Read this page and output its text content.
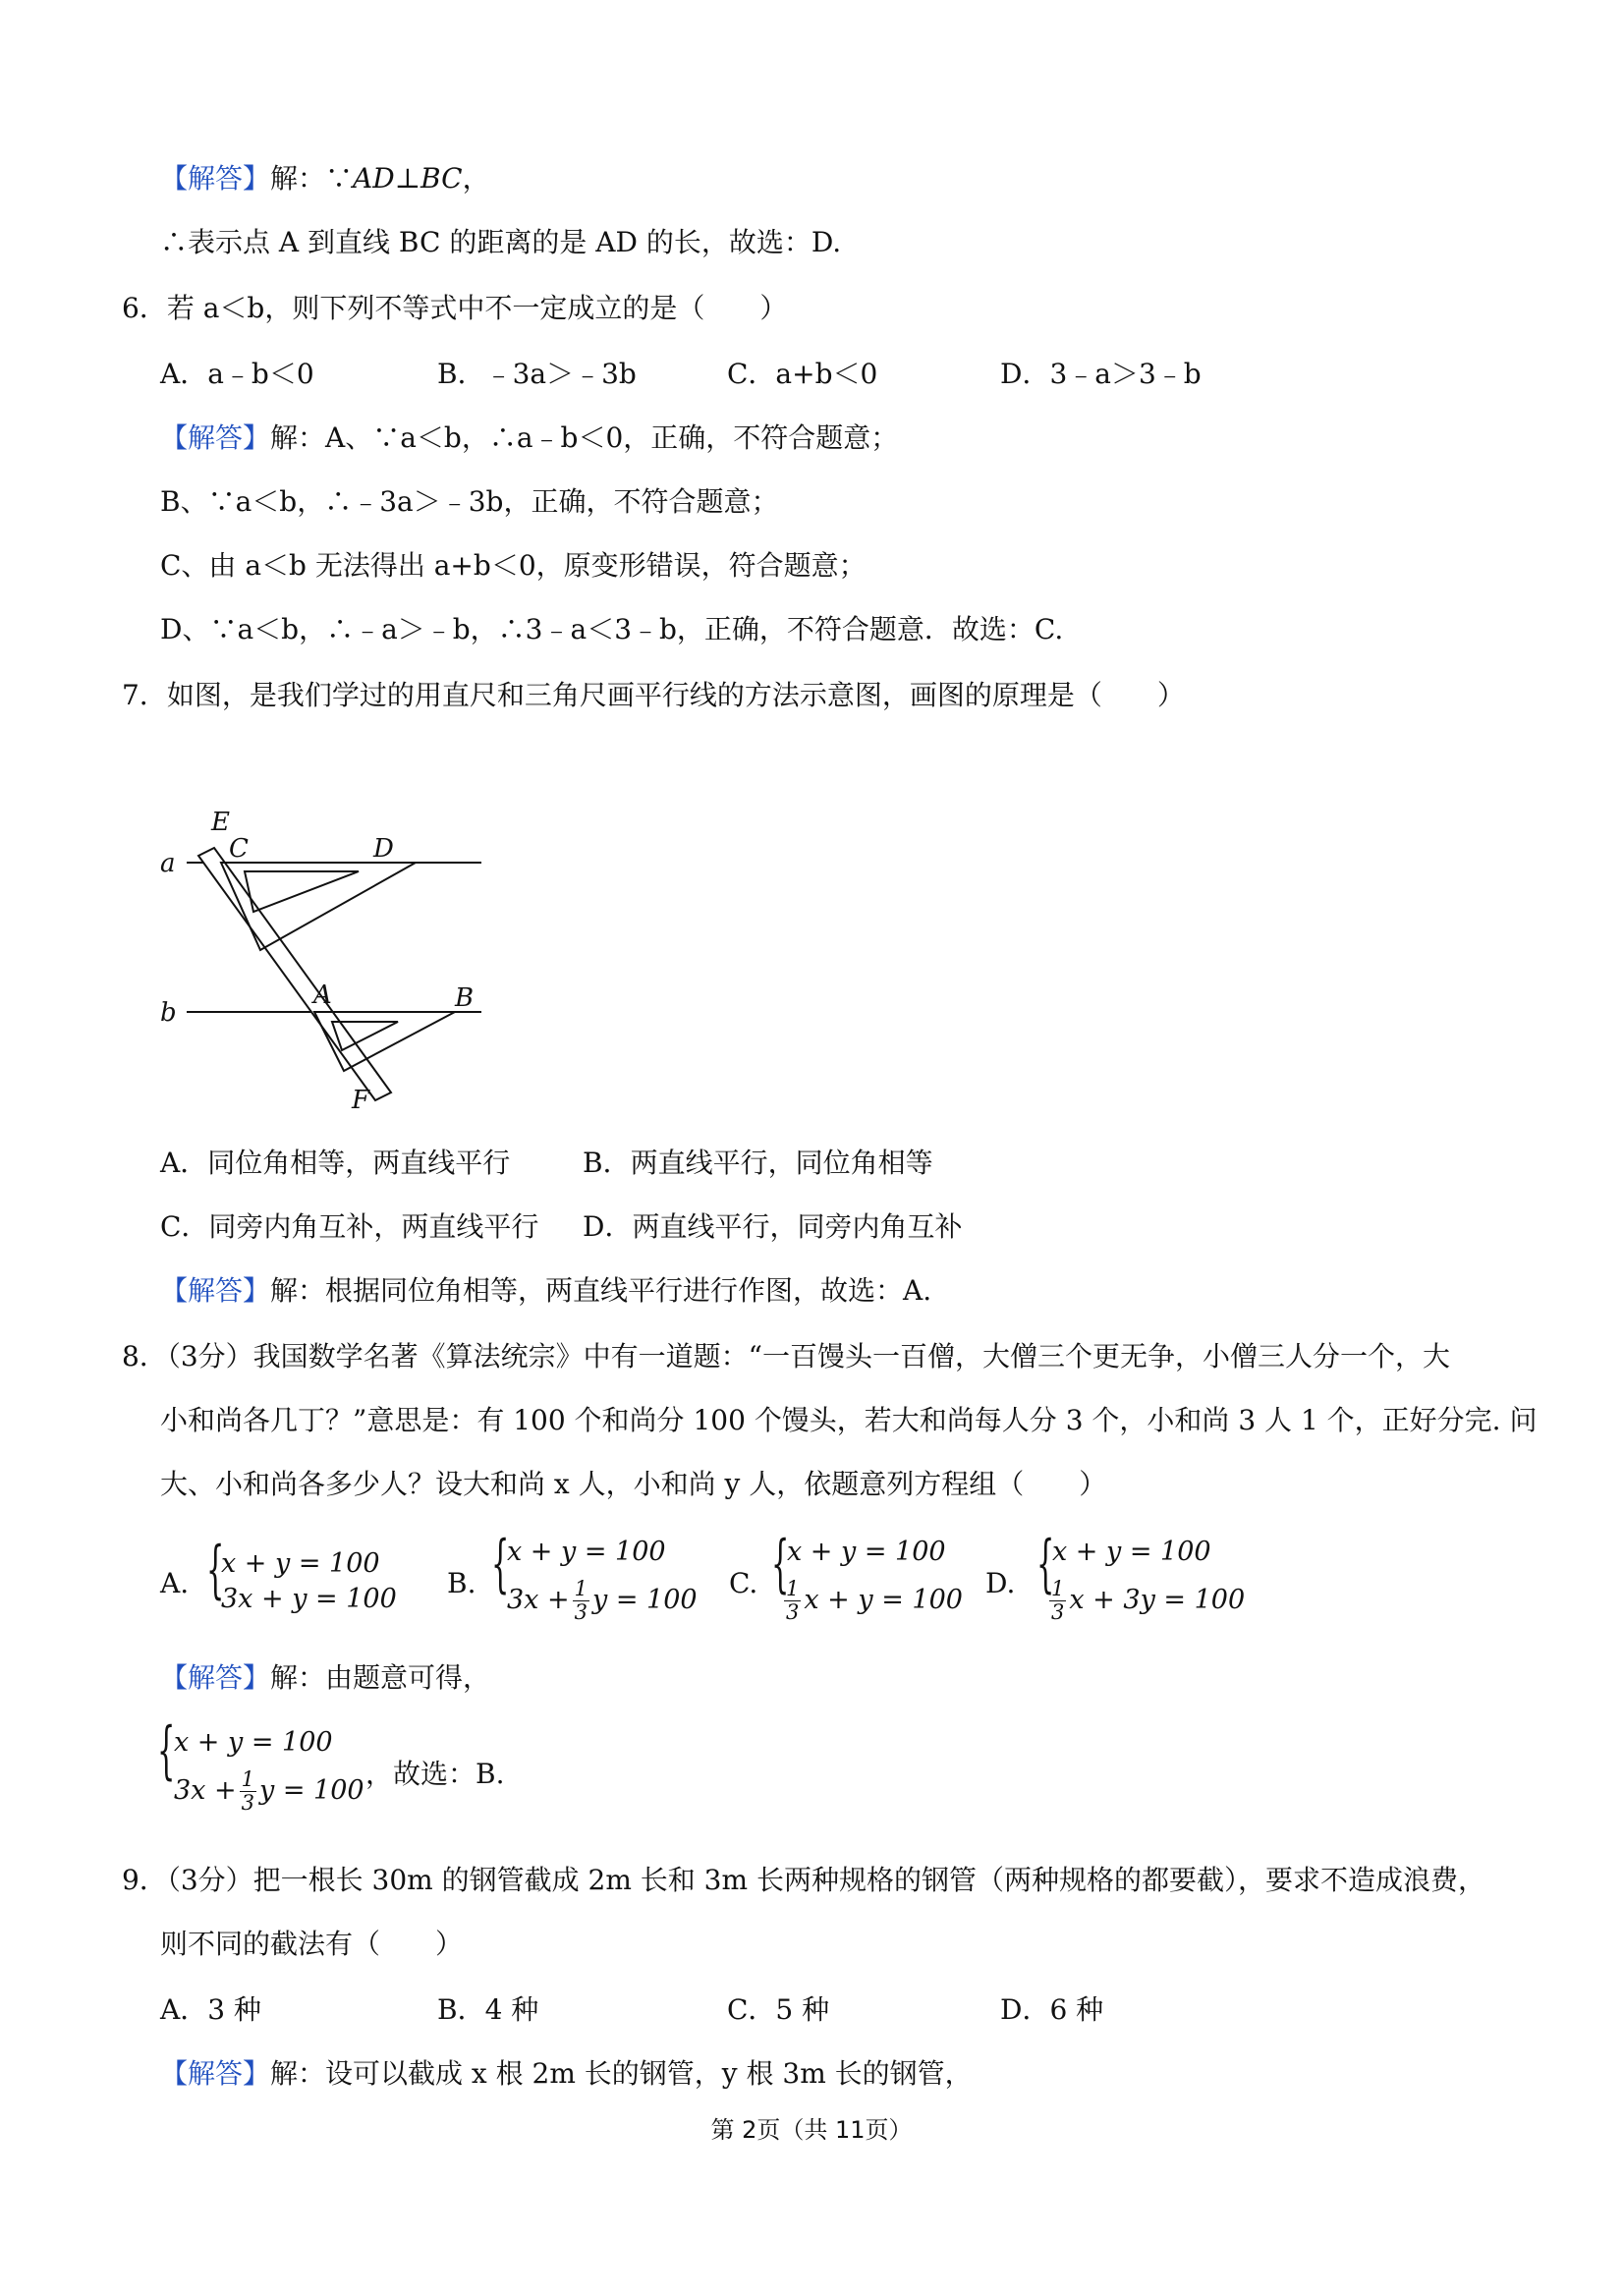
【解答】解：∵AD⊥BC，
∴表示点 A 到直线 BC 的距离的是 AD 的长，故选：D.
6．若 a＜b，则下列不等式中不一定成立的是（　　）
A．a﹣b＜0	B．﹣3a＞﹣3b	C．a+b＜0	D．3﹣a＞3﹣b
【解答】解：A、∵a＜b，∴a﹣b＜0，正确，不符合题意；
B、∵a＜b，∴﹣3a＞﹣3b，正确，不符合题意；
C、由 a＜b 无法得出 a+b＜0，原变形错误，符合题意；
D、∵a＜b，∴﹣a＞﹣b，∴3﹣a＜3﹣b，正确，不符合题意．故选：C.
7．如图，是我们学过的用直尺和三角尺画平行线的方法示意图，画图的原理是（　　）
a
b
E
C	D
A	B
F
A．同位角相等，两直线平行	B．两直线平行，同位角相等
C．同旁内角互补，两直线平行 D．两直线平行，同旁内角互补
【解答】解：根据同位角相等，两直线平行进行作图，故选：A.
8．（3分）我国数学名著《算法统宗》中有一道题：“一百馒头一百僧，大僧三个更无争，小僧三人分一个，大
小和尚各几丁？”意思是：有 100 个和尚分 100 个馒头，若大和尚每人分 3 个，小和尚 3 人 1 个，正好分完. 问
大、小和尚各多少人？设大和尚 x 人，小和尚 y 人，依题意列方程组（　　）
A. {
x + y = 100
3x + y = 100 B. {
x + y = 100
$3x + \frac{1}{3}$ y = 100
C. {
x + y = 100
$\frac{1}{3}$ x + y = 100
D. {
x + y = 100
$\frac{1}{3}$ x + 3y = 100
【解答】解：由题意可得，
{
x + y = 100
$3x + \frac{1}{3}$ y = 100
，故选：B.
9．（3分）把一根长 30m 的钢管截成 2m 长和 3m 长两种规格的钢管（两种规格的都要截），要求不造成浪费，
则不同的截法有（　　）
A．3 种	B．4 种	C．5 种	D．6 种
【解答】解：设可以截成 x 根 2m 长的钢管，y 根 3m 长的钢管，
第 2页（共 11页）
